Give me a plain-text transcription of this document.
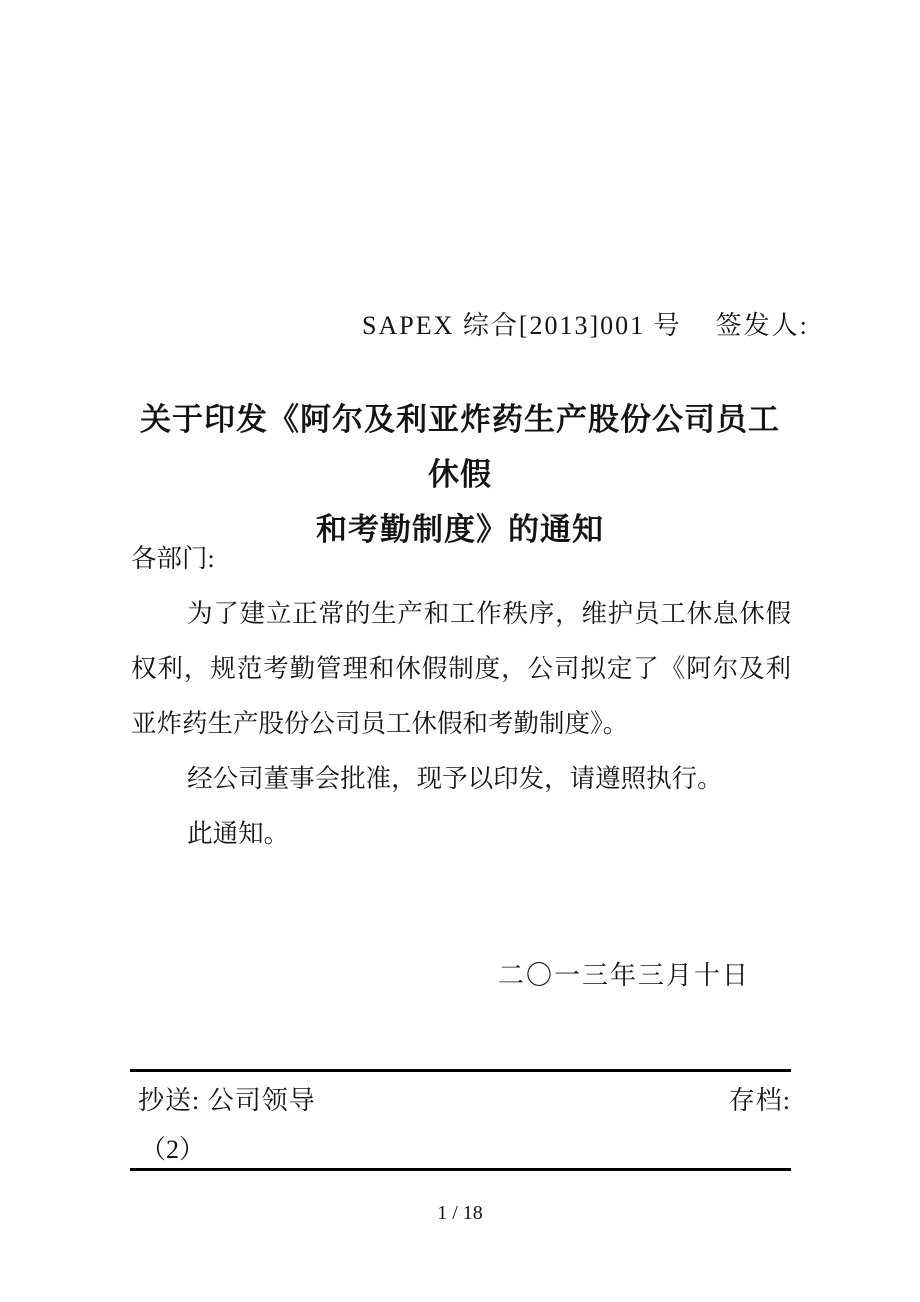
SAPEX 综合[2013]001 号 签发人:
关于印发《阿尔及利亚炸药生产股份公司员工休假
和考勤制度》的通知

各部门:

为了建立正常的生产和工作秩序，维护员工休息休假权利，规范考勤管理和休假制度，公司拟定了《阿尔及利亚炸药生产股份公司员工休假和考勤制度》。

经公司董事会批准，现予以印发，请遵照执行。

此通知。

二〇一三年三月十日
抄送: 公司领导	存档:
（2）
1 / 18
